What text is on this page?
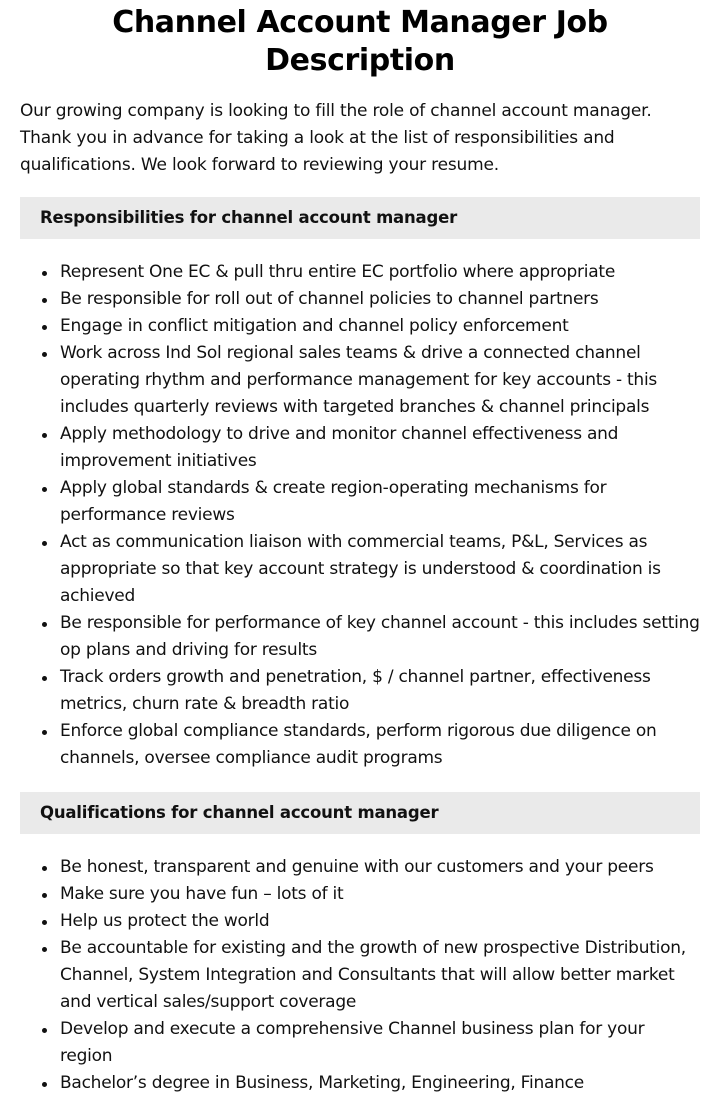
Channel Account Manager Job Description

Our growing company is looking to fill the role of channel account manager. Thank you in advance for taking a look at the list of responsibilities and qualifications. We look forward to reviewing your resume.

Responsibilities for channel account manager
Represent One EC & pull thru entire EC portfolio where appropriate
Be responsible for roll out of channel policies to channel partners
Engage in conflict mitigation and channel policy enforcement
Work across Ind Sol regional sales teams & drive a connected channel operating rhythm and performance management for key accounts - this includes quarterly reviews with targeted branches & channel principals
Apply methodology to drive and monitor channel effectiveness and improvement initiatives
Apply global standards & create region-operating mechanisms for performance reviews
Act as communication liaison with commercial teams, P&L, Services as appropriate so that key account strategy is understood & coordination is achieved
Be responsible for performance of key channel account - this includes setting op plans and driving for results
Track orders growth and penetration, $ / channel partner, effectiveness metrics, churn rate & breadth ratio
Enforce global compliance standards, perform rigorous due diligence on channels, oversee compliance audit programs
Qualifications for channel account manager
Be honest, transparent and genuine with our customers and your peers
Make sure you have fun – lots of it
Help us protect the world
Be accountable for existing and the growth of new prospective Distribution, Channel, System Integration and Consultants that will allow better market and vertical sales/support coverage
Develop and execute a comprehensive Channel business plan for your region
Bachelor’s degree in Business, Marketing, Engineering, Finance
